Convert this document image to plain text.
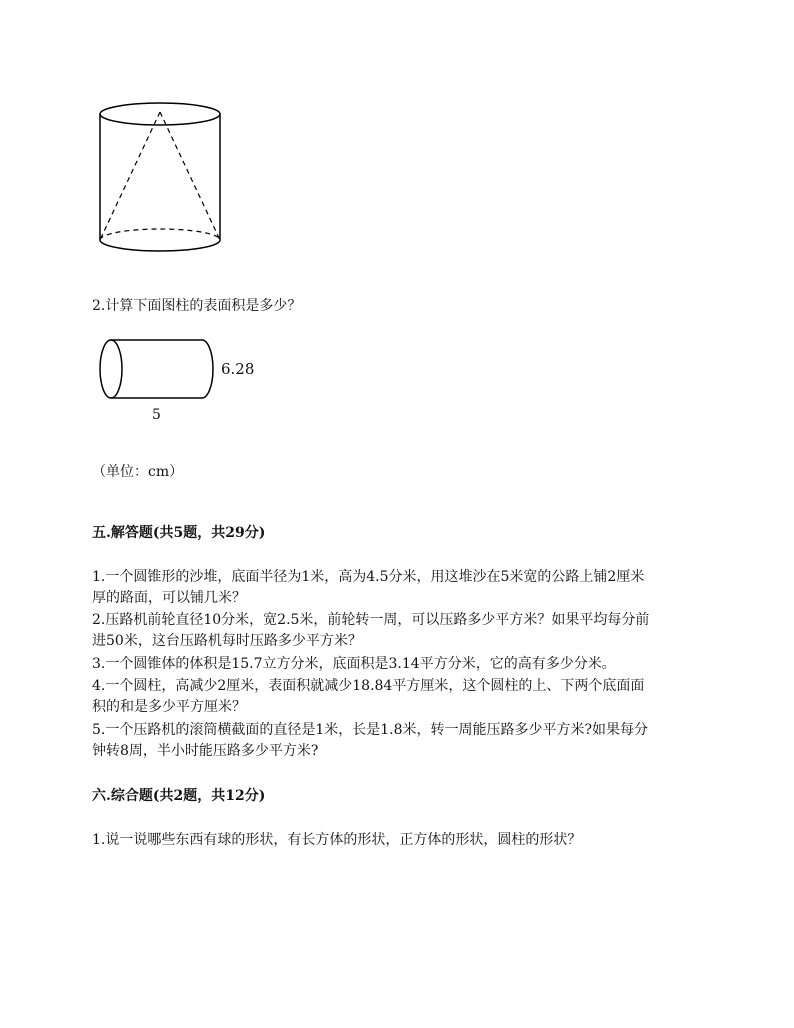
2.计算下面图柱的表面积是多少？
6.28
5
（单位：cm）
五.解答题(共5题，共29分)
1.一个圆锥形的沙堆，底面半径为1米，高为4.5分米，用这堆沙在5米宽的公路上铺2厘米
厚的路面，可以铺几米？
2.压路机前轮直径10分米，宽2.5米，前轮转一周，可以压路多少平方米？如果平均每分前
进50米，这台压路机每时压路多少平方米？
3.一个圆锥体的体积是15.7立方分米，底面积是3.14平方分米，它的高有多少分米。
4.一个圆柱，高减少2厘米，表面积就减少18.84平方厘米，这个圆柱的上、下两个底面面
积的和是多少平方厘米？
5.一个压路机的滚筒横截面的直径是1米，长是1.8米，转一周能压路多少平方米?如果每分
钟转8周，半小时能压路多少平方米?
六.综合题(共2题，共12分)
1.说一说哪些东西有球的形状，有长方体的形状，正方体的形状，圆柱的形状？
